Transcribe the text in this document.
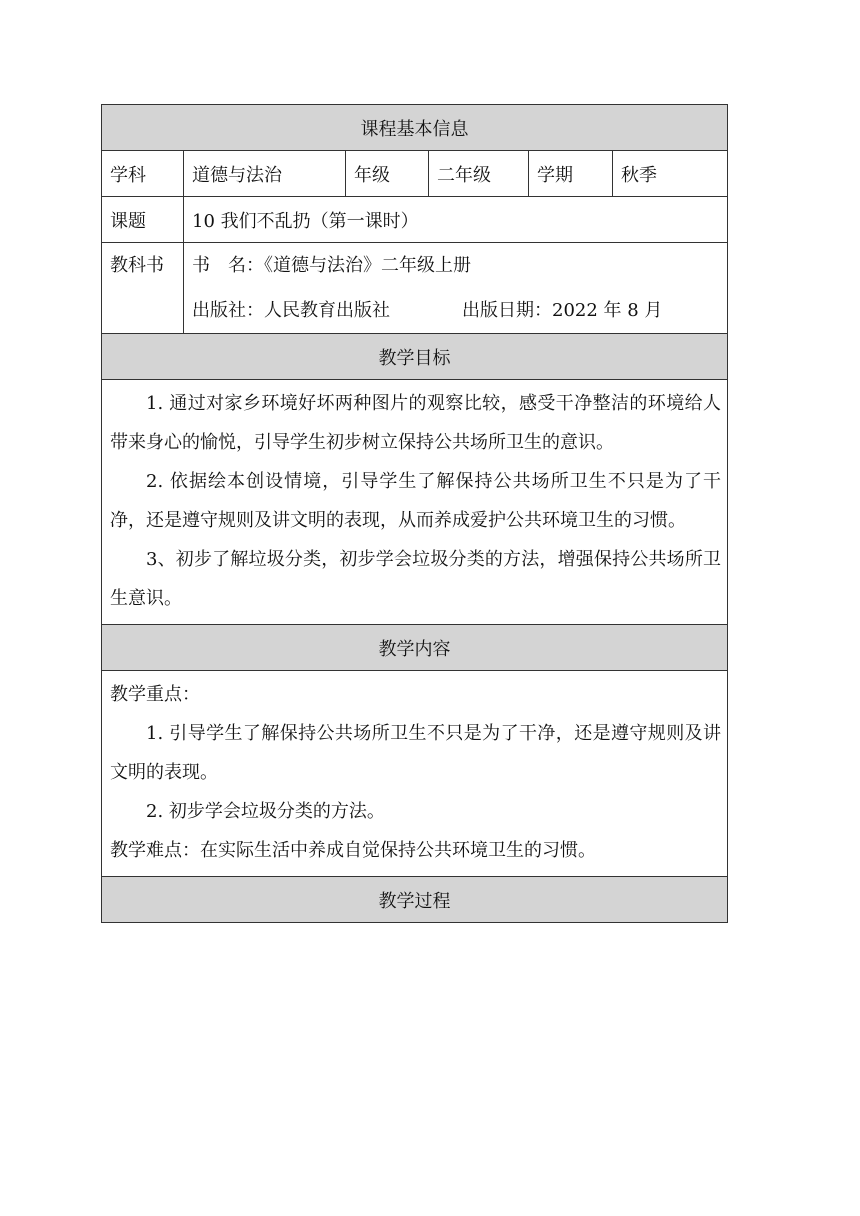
课程基本信息					
学科	道德与法治	年级	二年级	学期	秋季
课题	10 我们不乱扔（第一课时）				

教科书	书　名：《道德与法治》二年级上册
出版社：人民教育出版社 出版日期：2022 年 8 月				

教学目标					

1. 通过对家乡环境好坏两种图片的观察比较，感受干净整洁的环境给人带来身心的愉悦，引导学生初步树立保持公共场所卫生的意识。

2. 依据绘本创设情境，引导学生了解保持公共场所卫生不只是为了干净，还是遵守规则及讲文明的表现，从而养成爱护公共环境卫生的习惯。

3、初步了解垃圾分类，初步学会垃圾分类的方法，增强保持公共场所卫生意识。					

教学内容					

教学重点：

1. 引导学生了解保持公共场所卫生不只是为了干净，还是遵守规则及讲文明的表现。

2. 初步学会垃圾分类的方法。

教学难点：在实际生活中养成自觉保持公共环境卫生的习惯。					

教学过程					
